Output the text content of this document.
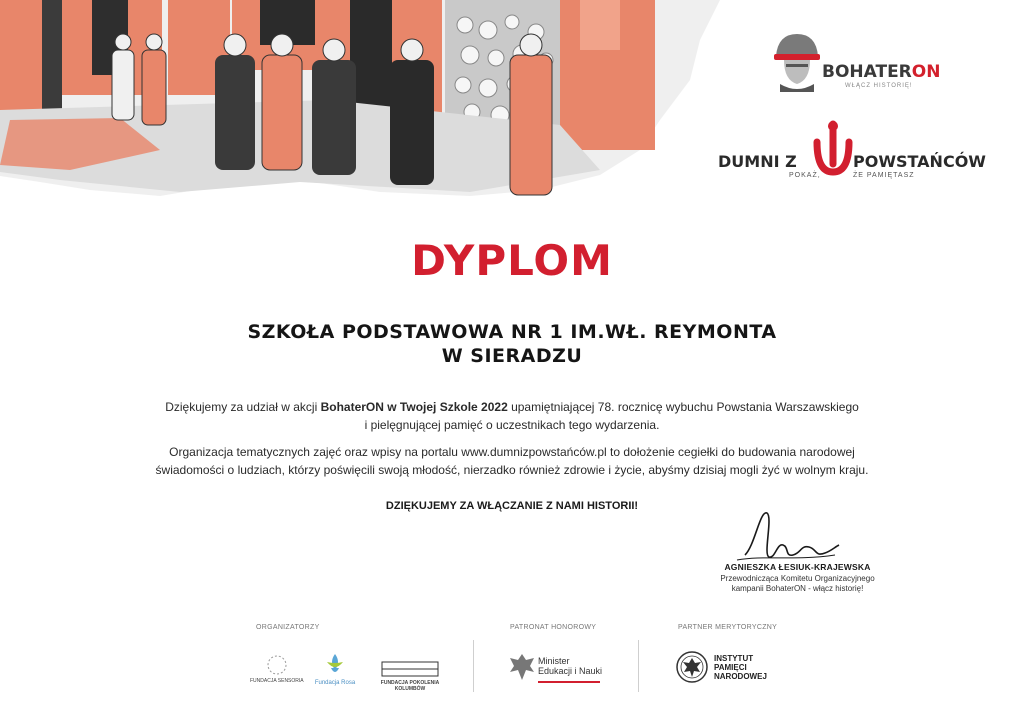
BOHATERON
WŁĄCZ HISTORIĘ!
DUMNI Z	POWSTAŃCÓW
POKAŻ,	ŻE PAMIĘTASZ
DYPLOM
SZKOŁA PODSTAWOWA NR 1 IM.WŁ. REYMONTA
W SIERADZU
Dziękujemy za udział w akcji BohaterON w Twojej Szkole 2022 upamiętniającej 78. rocznicę wybuchu Powstania Warszawskiego
i pielęgnującej pamięć o uczestnikach tego wydarzenia.
Organizacja tematycznych zajęć oraz wpisy na portalu www.dumnizpowstańców.pl to dołożenie cegiełki do budowania narodowej
świadomości o ludziach, którzy poświęcili swoją młodość, nierzadko również zdrowie i życie, abyśmy dzisiaj mogli żyć w wolnym kraju.
DZIĘKUJEMY ZA WŁĄCZANIE Z NAMI HISTORII!
AGNIESZKA ŁESIUK-KRAJEWSKA
Przewodnicząca Komitetu Organizacyjnego
kampanii BohaterON - włącz historię!
ORGANIZATORZY	PATRONAT HONOROWY	PARTNER MERYTORYCZNY
FUNDACJA SENSORIA	Fundacja Rosa	FUNDACJA POKOLENIA KOLUMBÓW
Minister
Edukacji i Nauki
INSTYTUT
PAMIĘCI
NARODOWEJ
